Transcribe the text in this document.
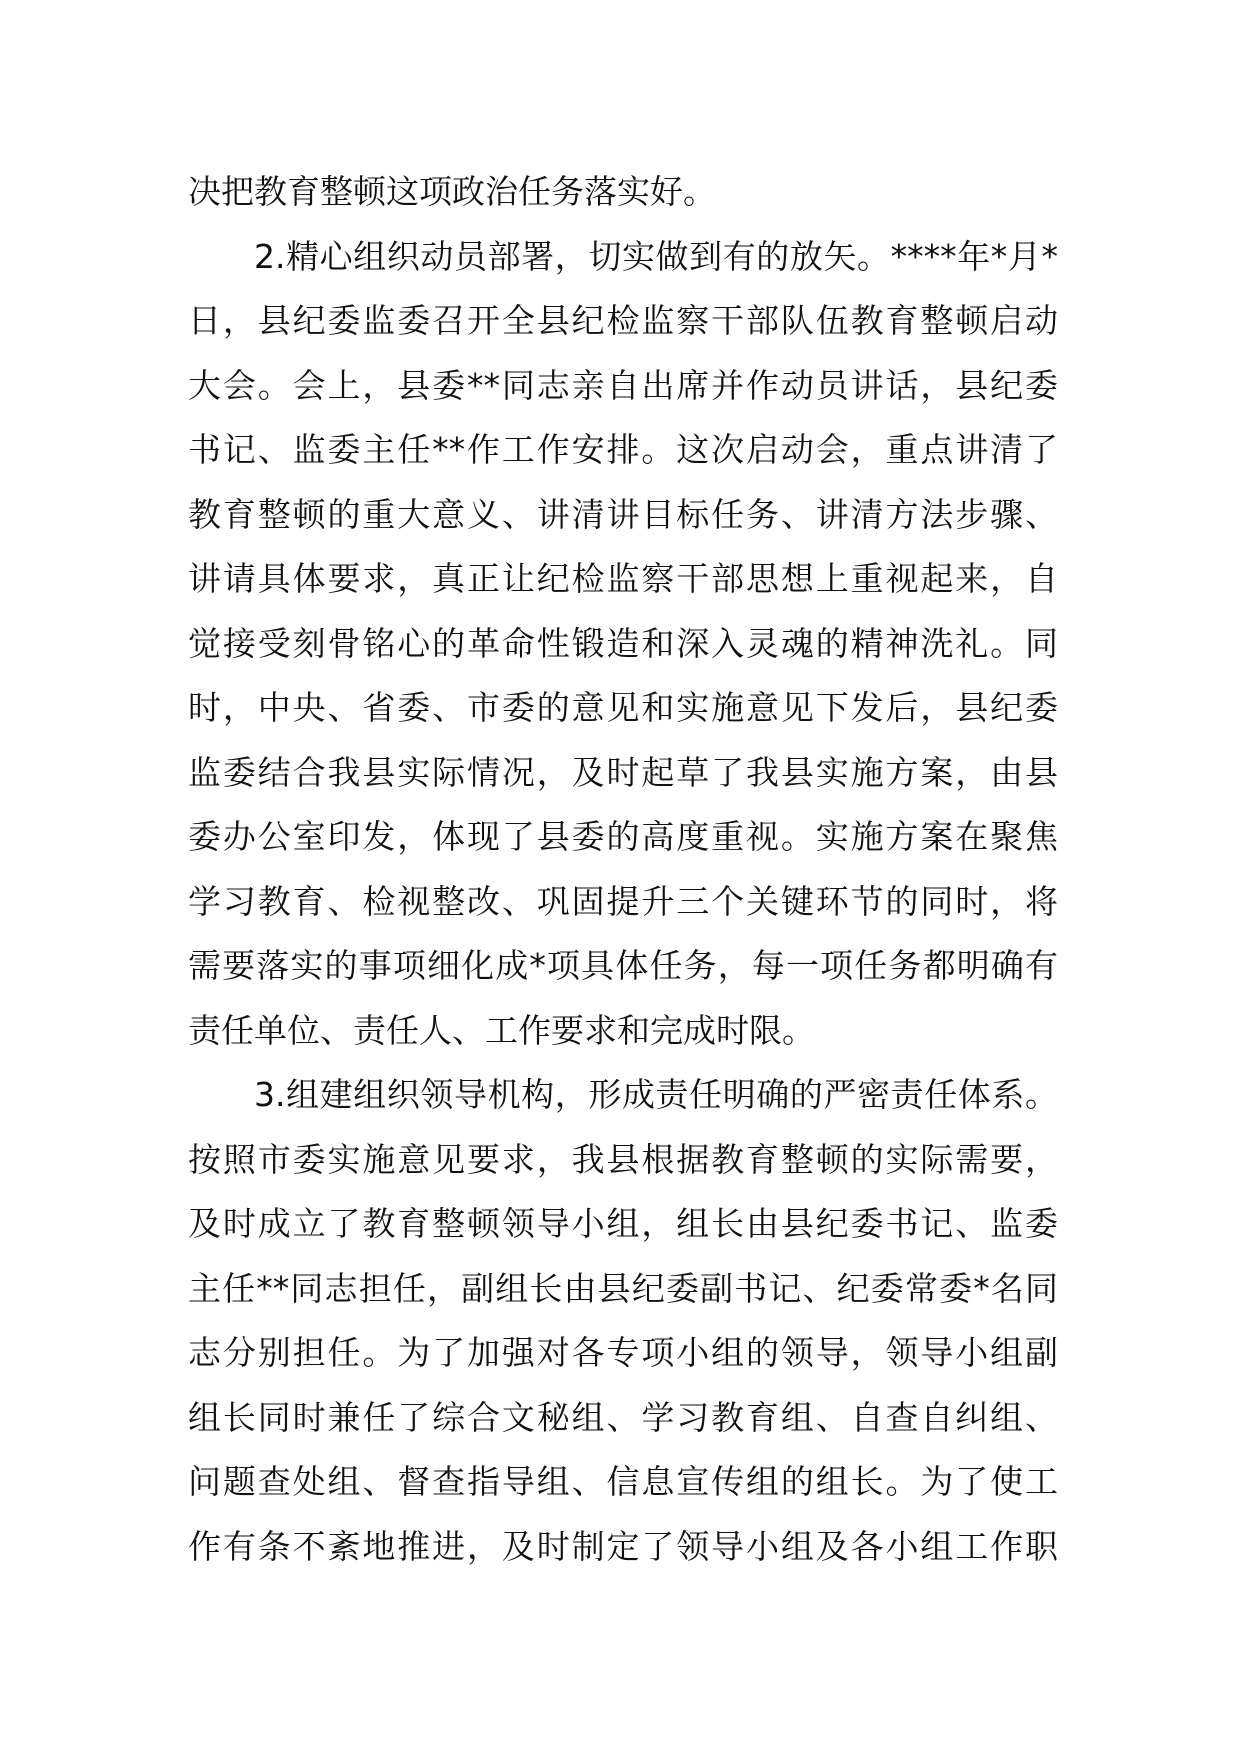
决把教育整顿这项政治任务落实好。
2.精心组织动员部署，切实做到有的放矢。****年*月*
日，县纪委监委召开全县纪检监察干部队伍教育整顿启动
大会。会上，县委**同志亲自出席并作动员讲话，县纪委
书记、监委主任**作工作安排。这次启动会，重点讲清了
教育整顿的重大意义、讲清讲目标任务、讲清方法步骤、
讲请具体要求，真正让纪检监察干部思想上重视起来，自
觉接受刻骨铭心的革命性锻造和深入灵魂的精神洗礼。同
时，中央、省委、市委的意见和实施意见下发后，县纪委
监委结合我县实际情况，及时起草了我县实施方案，由县
委办公室印发，体现了县委的高度重视。实施方案在聚焦
学习教育、检视整改、巩固提升三个关键环节的同时，将
需要落实的事项细化成*项具体任务，每一项任务都明确有
责任单位、责任人、工作要求和完成时限。
3.组建组织领导机构，形成责任明确的严密责任体系。
按照市委实施意见要求，我县根据教育整顿的实际需要，
及时成立了教育整顿领导小组，组长由县纪委书记、监委
主任**同志担任，副组长由县纪委副书记、纪委常委*名同
志分别担任。为了加强对各专项小组的领导，领导小组副
组长同时兼任了综合文秘组、学习教育组、自查自纠组、
问题查处组、督查指导组、信息宣传组的组长。为了使工
作有条不紊地推进，及时制定了领导小组及各小组工作职
